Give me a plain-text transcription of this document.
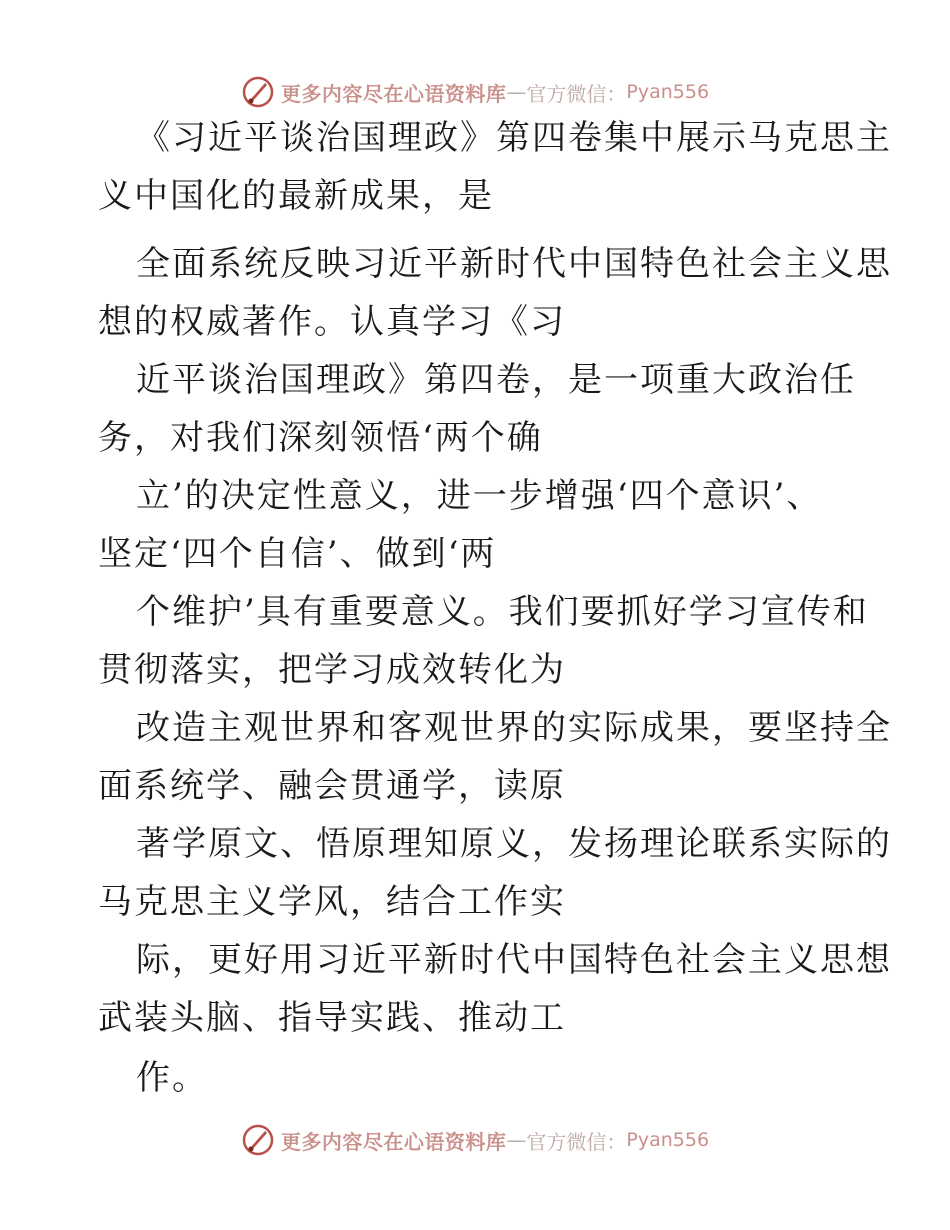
更多内容尽在心语资料库 — 官方微信： Pyan556
《习近平谈治国理政》第四卷集中展示马克思主
义中国化的最新成果，是
全面系统反映习近平新时代中国特色社会主义思
想的权威著作。认真学习《习
近平谈治国理政》第四卷，是一项重大政治任
务，对我们深刻领悟‘两个确
立’的决定性意义，进一步增强‘四个意识’、
坚定‘四个自信’、做到‘两
个维护’具有重要意义。我们要抓好学习宣传和
贯彻落实，把学习成效转化为
改造主观世界和客观世界的实际成果，要坚持全
面系统学、融会贯通学，读原
著学原文、悟原理知原义，发扬理论联系实际的
马克思主义学风，结合工作实
际，更好用习近平新时代中国特色社会主义思想
武装头脑、指导实践、推动工
作。
更多内容尽在心语资料库 — 官方微信： Pyan556
